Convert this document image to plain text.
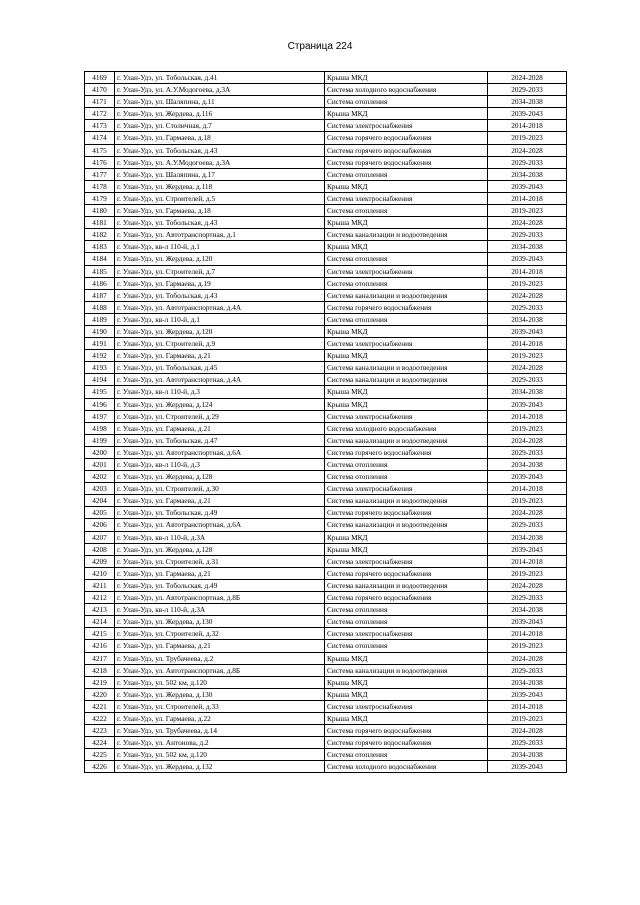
Страница 224
4169	г. Улан-Удэ, ул. Тобольская, д.41	Крыша МКД	2024-2028
4170	г. Улан-Удэ, ул. А.У.Модогоева, д.3А	Система холодного водоснабжения	2029-2033
4171	г. Улан-Удэ, ул. Шаляпина, д.11	Система отопления	2034-2038
4172	г. Улан-Удэ, ул. Жердева, д.116	Крыша МКД	2039-2043
4173	г. Улан-Удэ, ул. Столичная, д.7	Система электроснабжения	2014-2018
4174	г. Улан-Удэ, ул. Гармаева, д.18	Система горячего водоснабжения	2019-2023
4175	г. Улан-Удэ, ул. Тобольская, д.43	Система горячего водоснабжения	2024-2028
4176	г. Улан-Удэ, ул. А.У.Модогоева, д.3А	Система горячего водоснабжения	2029-2033
4177	г. Улан-Удэ, ул. Шаляпина, д.17	Система отопления	2034-2038
4178	г. Улан-Удэ, ул. Жердева, д.118	Крыша МКД	2039-2043
4179	г. Улан-Удэ, ул. Строителей, д.5	Система электроснабжения	2014-2018
4180	г. Улан-Удэ, ул. Гармаева, д.18	Система отопления	2019-2023
4181	г. Улан-Удэ, ул. Тобольская, д.43	Крыша МКД	2024-2028
4182	г. Улан-Удэ, ул. Автотранспортная, д.1	Система канализации и водоотведения	2029-2033
4183	г. Улан-Удэ, кв-л 110-й, д.1	Крыша МКД	2034-2038
4184	г. Улан-Удэ, ул. Жердева, д.120	Система отопления	2039-2043
4185	г. Улан-Удэ, ул. Строителей, д.7	Система электроснабжения	2014-2018
4186	г. Улан-Удэ, ул. Гармаева, д.19	Система отопления	2019-2023
4187	г. Улан-Удэ, ул. Тобольская, д.43	Система канализации и водоотведения	2024-2028
4188	г. Улан-Удэ, ул. Автотранспортная, д.4А	Система горячего водоснабжения	2029-2033
4189	г. Улан-Удэ, кв-л 110-й, д.1	Система отопления	2034-2038
4190	г. Улан-Удэ, ул. Жердева, д.120	Крыша МКД	2039-2043
4191	г. Улан-Удэ, ул. Строителей, д.9	Система электроснабжения	2014-2018
4192	г. Улан-Удэ, ул. Гармаева, д.21	Крыша МКД	2019-2023
4193	г. Улан-Удэ, ул. Тобольская, д.45	Система канализации и водоотведения	2024-2028
4194	г. Улан-Удэ, ул. Автотранспортная, д.4А	Система канализации и водоотведения	2029-2033
4195	г. Улан-Удэ, кв-л 110-й, д.3	Крыша МКД	2034-2038
4196	г. Улан-Удэ, ул. Жердева, д.124	Крыша МКД	2039-2043
4197	г. Улан-Удэ, ул. Строителей, д.29	Система электроснабжения	2014-2018
4198	г. Улан-Удэ, ул. Гармаева, д.21	Система холодного водоснабжения	2019-2023
4199	г. Улан-Удэ, ул. Тобольская, д.47	Система канализации и водоотведения	2024-2028
4200	г. Улан-Удэ, ул. Автотранспортная, д.6А	Система горячего водоснабжения	2029-2033
4201	г. Улан-Удэ, кв-л 110-й, д.3	Система отопления	2034-2038
4202	г. Улан-Удэ, ул. Жердева, д.128	Система отопления	2039-2043
4203	г. Улан-Удэ, ул. Строителей, д.30	Система электроснабжения	2014-2018
4204	г. Улан-Удэ, ул. Гармаева, д.21	Система канализации и водоотведения	2019-2023
4205	г. Улан-Удэ, ул. Тобольская, д.49	Система горячего водоснабжения	2024-2028
4206	г. Улан-Удэ, ул. Автотранспортная, д.6А	Система канализации и водоотведения	2029-2033
4207	г. Улан-Удэ, кв-л 110-й, д.3А	Крыша МКД	2034-2038
4208	г. Улан-Удэ, ул. Жердева, д.128	Крыша МКД	2039-2043
4209	г. Улан-Удэ, ул. Строителей, д.31	Система электроснабжения	2014-2018
4210	г. Улан-Удэ, ул. Гармаева, д.21	Система горячего водоснабжения	2019-2023
4211	г. Улан-Удэ, ул. Тобольская, д.49	Система канализации и водоотведения	2024-2028
4212	г. Улан-Удэ, ул. Автотранспортная, д.8Б	Система горячего водоснабжения	2029-2033
4213	г. Улан-Удэ, кв-л 110-й, д.3А	Система отопления	2034-2038
4214	г. Улан-Удэ, ул. Жердева, д.130	Система отопления	2039-2043
4215	г. Улан-Удэ, ул. Строителей, д.32	Система электроснабжения	2014-2018
4216	г. Улан-Удэ, ул. Гармаева, д.21	Система отопления	2019-2023
4217	г. Улан-Удэ, ул. Трубачеева, д.2	Крыша МКД	2024-2028
4218	г. Улан-Удэ, ул. Автотранспортная, д.8Б	Система канализации и водоотведения	2029-2033
4219	г. Улан-Удэ, ул. 502 км, д.120	Крыша МКД	2034-2038
4220	г. Улан-Удэ, ул. Жердева, д.130	Крыша МКД	2039-2043
4221	г. Улан-Удэ, ул. Строителей, д.33	Система электроснабжения	2014-2018
4222	г. Улан-Удэ, ул. Гармаева, д.22	Крыша МКД	2019-2023
4223	г. Улан-Удэ, ул. Трубачеева, д.14	Система горячего водоснабжения	2024-2028
4224	г. Улан-Удэ, ул. Антонова, д.2	Система горячего водоснабжения	2029-2033
4225	г. Улан-Удэ, ул. 502 км, д.120	Система отопления	2034-2038
4226	г. Улан-Удэ, ул. Жердева, д.132	Система холодного водоснабжения	2039-2043
